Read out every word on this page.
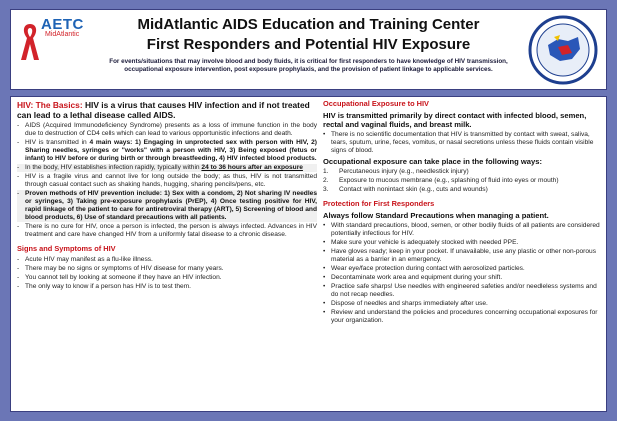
AETC
MidAtlantic
MidAtlantic AIDS Education and Training Center
First Responders and Potential HIV Exposure
For events/situations that may involve blood and body fluids, it is critical for first responders to have knowledge of HIV transmission, occupational exposure intervention, post exposure prophylaxis, and the provision of patient linkage to applicable services.
HIV: The Basics: HIV is a virus that causes HIV infection and if not treated can lead to a lethal disease called AIDS.
- AIDS (Acquired Immunodeficiency Syndrome) presents as a loss of immune function in the body due to destruction of CD4 cells which can lead to various opportunistic infections and death.
- HIV is transmitted in 4 main ways: 1) Engaging in unprotected sex with person with HIV, 2) Sharing needles, syringes or "works" with a person with HIV, 3) Being exposed (fetus or infant) to HIV before or during birth or through breastfeeding, 4) HIV infected blood products.
- In the body, HIV establishes infection rapidly, typically within 24 to 36 hours after an exposure
- HIV is a fragile virus and cannot live for long outside the body; as thus, HIV is not transmitted through casual contact such as shaking hands, hugging, sharing pencils/pens, etc.
- Proven methods of HIV prevention include: 1) Sex with a condom, 2) Not sharing IV needles or syringes, 3) Taking pre-exposure prophylaxis (PrEP), 4) Once testing positive for HIV, rapid linkage of the patient to care for antiretroviral therapy (ART), 5) Screening of blood and blood products, 6) Use of standard precautions with all patients.
- There is no cure for HIV, once a person is infected, the person is always infected. Advances in HIV treatment and care have changed HIV from a uniformly fatal disease to a chronic disease.
Signs and Symptoms of HIV
- Acute HIV may manifest as a flu-like illness.
- There may be no signs or symptoms of HIV disease for many years.
- You cannot tell by looking at someone if they have an HIV infection.
- The only way to know if a person has HIV is to test them.
Occupational Exposure to HIV
HIV is transmitted primarily by direct contact with infected blood, semen, rectal and vaginal fluids, and breast milk.
• There is no scientific documentation that HIV is transmitted by contact with sweat, saliva, tears, sputum, urine, feces, vomitus, or nasal secretions unless these fluids contain visible signs of blood.
Occupational exposure can take place in the following ways:
1. Percutaneous injury (e.g., needlestick injury)
2. Exposure to mucous membrane (e.g., splashing of fluid into eyes or mouth)
3. Contact with nonintact skin (e.g., cuts and wounds)
Protection for First Responders
Always follow Standard Precautions when managing a patient.
• With standard precautions, blood, semen, or other bodily fluids of all patients are considered potentially infectious for HIV.
• Make sure your vehicle is adequately stocked with needed PPE.
• Have gloves ready; keep in your pocket. If unavailable, use any plastic or other non-porous material as a barrier in an emergency.
• Wear eye/face protection during contact with aerosolized particles.
• Decontaminate work area and equipment during your shift.
• Practice safe sharps! Use needles with engineered safeties and/or needleless systems and do not recap needles.
• Dispose of needles and sharps immediately after use.
• Review and understand the policies and procedures concerning occupational exposures for your organization.
